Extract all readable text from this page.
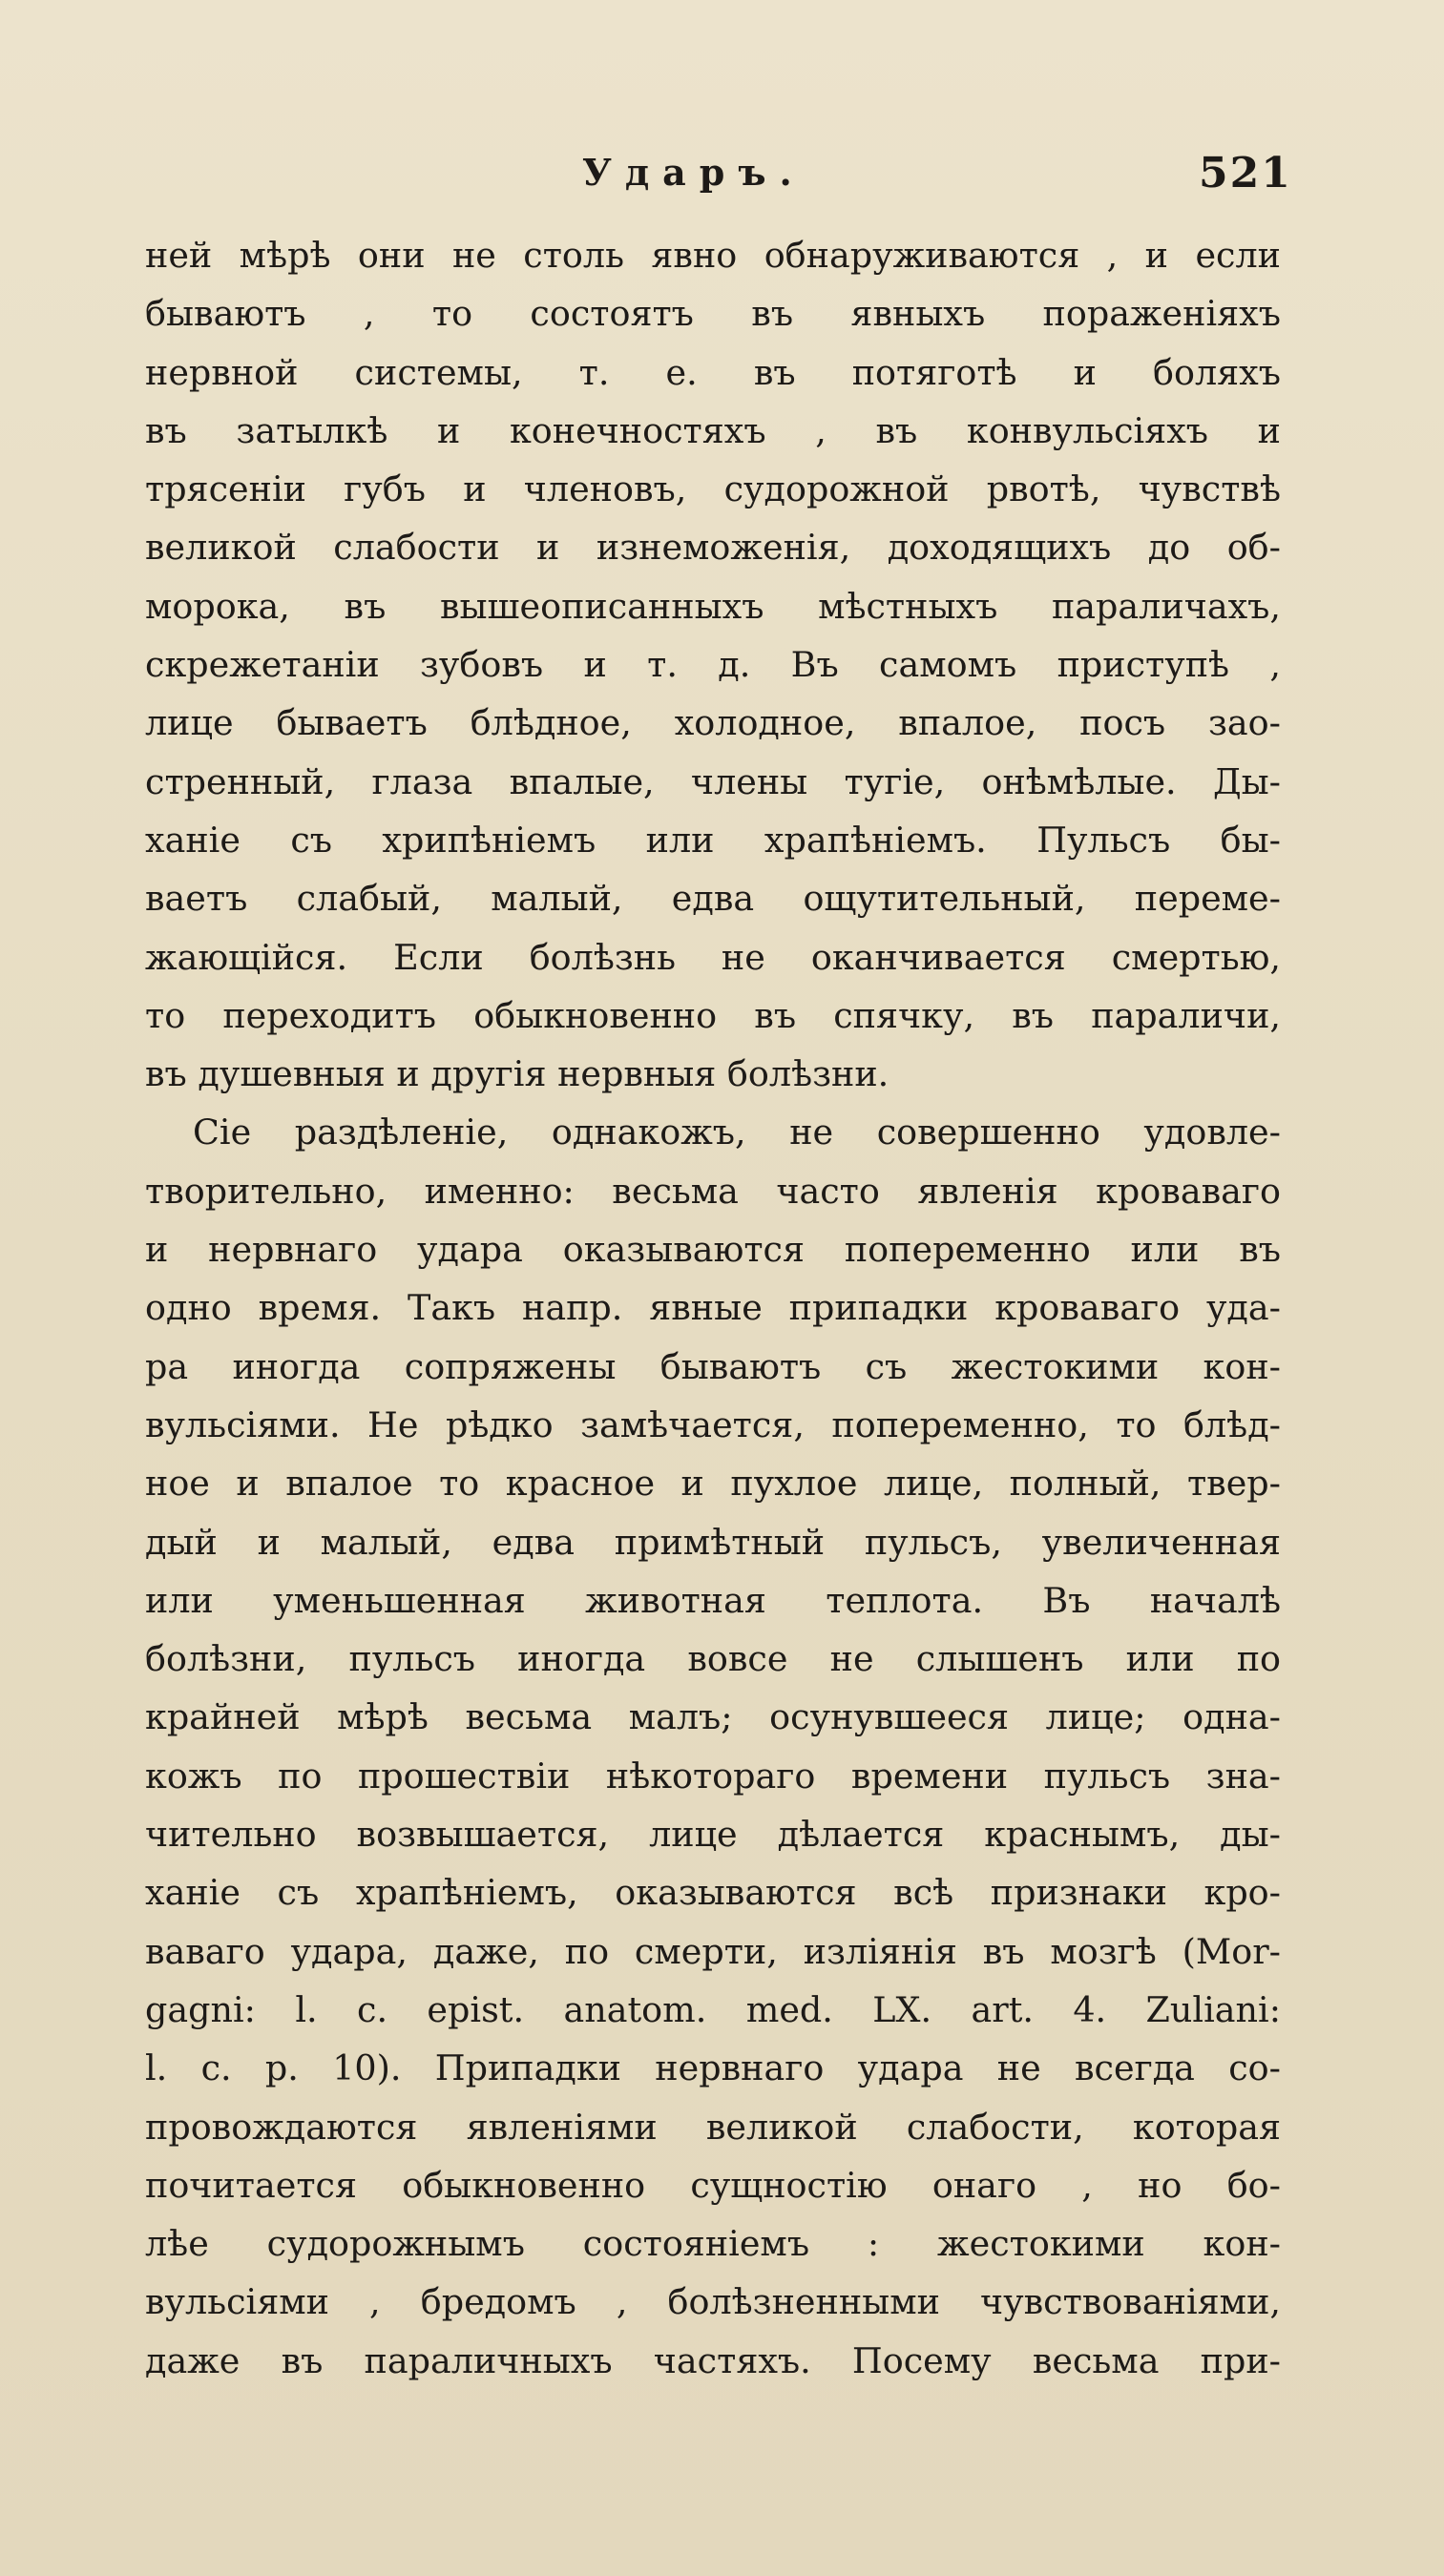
Ударъ.	521
ней мѣрѣ они не столь явно обнаруживаются , и если
бываютъ , то состоятъ въ явныхъ пораженіяхъ
нервной системы, т. е. въ потяготѣ и боляхъ
въ затылкѣ и конечностяхъ , въ конвульсіяхъ и
трясеніи губъ и членовъ, судорожной рвотѣ, чувствѣ
великой слабости и изнеможенія, доходящихъ до об-
морока, въ вышеописанныхъ мѣстныхъ параличахъ,
скрежетаніи зубовъ и т. д. Въ самомъ приступѣ ,
лице бываетъ блѣдное, холодное, впалое, посъ зао-
стренный, глаза впалые, члены тугіе, онѣмѣлые. Ды-
ханіе съ хрипѣніемъ или храпѣніемъ. Пульсъ бы-
ваетъ слабый, малый, едва ощутительный, переме-
жающійся. Если болѣзнь не оканчивается смертью,
то переходитъ обыкновенно въ спячку, въ параличи,
въ душевныя и другія нервныя болѣзни.
Сіе раздѣленіе, однакожъ, не совершенно удовле-
творительно, именно: весьма часто явленія кроваваго
и нервнаго удара оказываются попеременно или въ
одно время. Такъ напр. явные припадки кроваваго уда-
ра иногда сопряжены бываютъ съ жестокими кон-
вульсіями. Не рѣдко замѣчается, попеременно, то блѣд-
ное и впалое то красное и пухлое лице, полный, твер-
дый и малый, едва примѣтный пульсъ, увеличенная
или уменьшенная животная теплота. Въ началѣ
болѣзни, пульсъ иногда вовсе не слышенъ или по
крайней мѣрѣ весьма малъ; осунувшееся лице; одна-
кожъ по прошествіи нѣкотораго времени пульсъ зна-
чительно возвышается, лице дѣлается краснымъ, ды-
ханіе съ храпѣніемъ, оказываются всѣ признаки кро-
ваваго удара, даже, по смерти, изліянія въ мозгѣ (Mor-
gagni: l. c. epist. anatom. med. LX. art. 4. Zuliani:
l. c. p. 10). Припадки нервнаго удара не всегда со-
провождаются явленіями великой слабости, которая
почитается обыкновенно сущностію онаго , но бо-
лѣе судорожнымъ состояніемъ : жестокими кон-
вульсіями , бредомъ , болѣзненными чувствованіями,
даже въ параличныхъ частяхъ. Посему весьма при-
